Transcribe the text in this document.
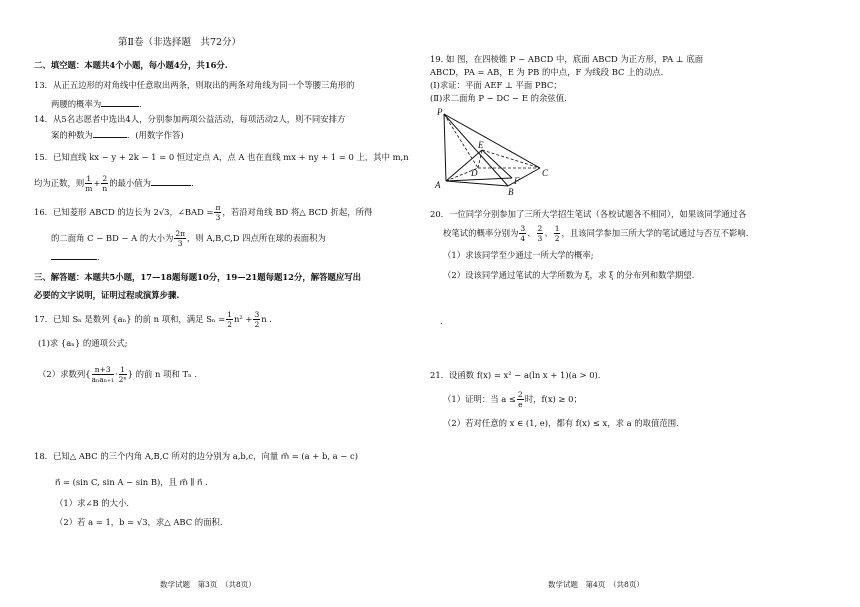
第Ⅱ卷（非选择题　共72分）
二、填空题：本题共4个小题，每小题4分，共16分.
13．从正五边形的对角线中任意取出两条，则取出的两条对角线为同一个等腰三角形的
两腰的概率为	.
14．从5名志愿者中选出4人，分别参加两项公益活动，每项活动2人，则不同安排方
案的种数为	．(用数字作答)
15．已知直线 kx − y + 2k − 1 = 0 恒过定点 A，点 A 也在直线 mx + ny + 1 = 0 上，其中 m,n
均为正数，则 $\frac{1}{m} + \frac{2}{n}$ 的最小值为	.
16．已知菱形 ABCD 的边长为 2√3，∠BAD = $\frac{\pi}{3}$ ，若沿对角线 BD 将△ BCD 折起，所得
的二面角 C − BD − A 的大小为 $\frac{2\pi}{3}$ ，则 A,B,C,D 四点所在球的表面积为
.
三、解答题：本题共5小题，17—18题每题10分，19—21题每题12分，解答题应写出
必要的文字说明，证明过程或演算步骤.
17．已知 Sₙ 是数列 {aₙ} 的前 n 项和，满足 $S_n = \frac{1}{2} n^2 + \frac{3}{2}$ n .
(1)求 {aₙ} 的通项公式;
（2）求数列{ $\frac{n+3}{\text{aₙaₙ₊₁}} \cdot \frac{1}{\text{2ⁿ}}$ } 的前 n 项和 Tₙ .
18．已知△ ABC 的三个内角 A,B,C 所对的边分别为 a,b,c，向量 m⃗ = (a + b, a − c)
n⃗ = (sin C, sin A − sin B)，且 m⃗ ∥ n⃗ .
（1）求∠B 的大小.
（2）若 a = 1，b = √3，求△ ABC 的面积.
数学试题　第3页　（共8页）
19. 如 图，在四棱锥 P − ABCD 中，底面 ABCD 为正方形，PA ⊥ 底面
ABCD，PA = AB，E 为 PB 的中点，F 为线段 BC 上的动点.
(Ⅰ)求证：平面 AEF ⊥ 平面 PBC；
(Ⅱ)求二面角 P − DC − E 的余弦值.
P
E
D
A	F
B
C
20．一位同学分别参加了三所大学招生笔试（各校试题各不相同），如果该同学通过各
校笔试的概率分别为 $\frac{3}{4}$ 、 $\frac{2}{3}$ 、 $\frac{1}{2}$ ，且该同学参加三所大学的笔试通过与否互不影响.
（1）求该同学至少通过一所大学的概率;
（2）设该同学通过笔试的大学所数为 ξ，求 ξ 的分布列和数学期望.
.
21．设函数 f(x) = x² − a(ln x + 1)(a > 0).
（1）证明：当 $a \le \frac{2}{e}$ 时，f(x) ≥ 0；
（2）若对任意的 x ∈ (1, e)，都有 f(x) ≤ x，求 a 的取值范围.
数学试题　第4页　（共8页）
